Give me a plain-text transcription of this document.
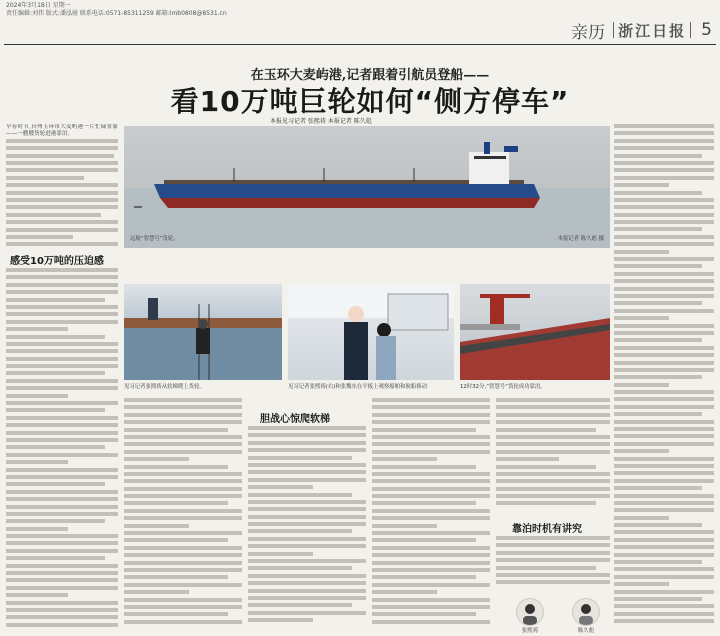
2024年3月18日 星期一
责任编辑:刘伟 版式:潘泓骏 联系电话:0571-85311259 邮箱:lmb0808@8531.cn
亲历 浙江日报 5
在玉环大麦屿港,记者跟着引航员登船——
看10万吨巨轮如何“侧方停车”
本报见习记者 张熙祷 本报记者 陈久彪
远航“智慧号”货轮。	本报记者 陈久彪 摄
早春时节,台州玉环市大麦屿港一片忙碌景象——一艘艘货轮进港靠泊。
感受10万吨的压迫感
见习记者张熙祷从软梯爬上货轮。	见习记者张熙祷(右)和张魏东在平板上观察船舶和航船移动	12时32分,“智慧号”货轮成功靠泊。
胆战心惊爬软梯
靠泊时机有讲究
张熙祷	陈久彪
